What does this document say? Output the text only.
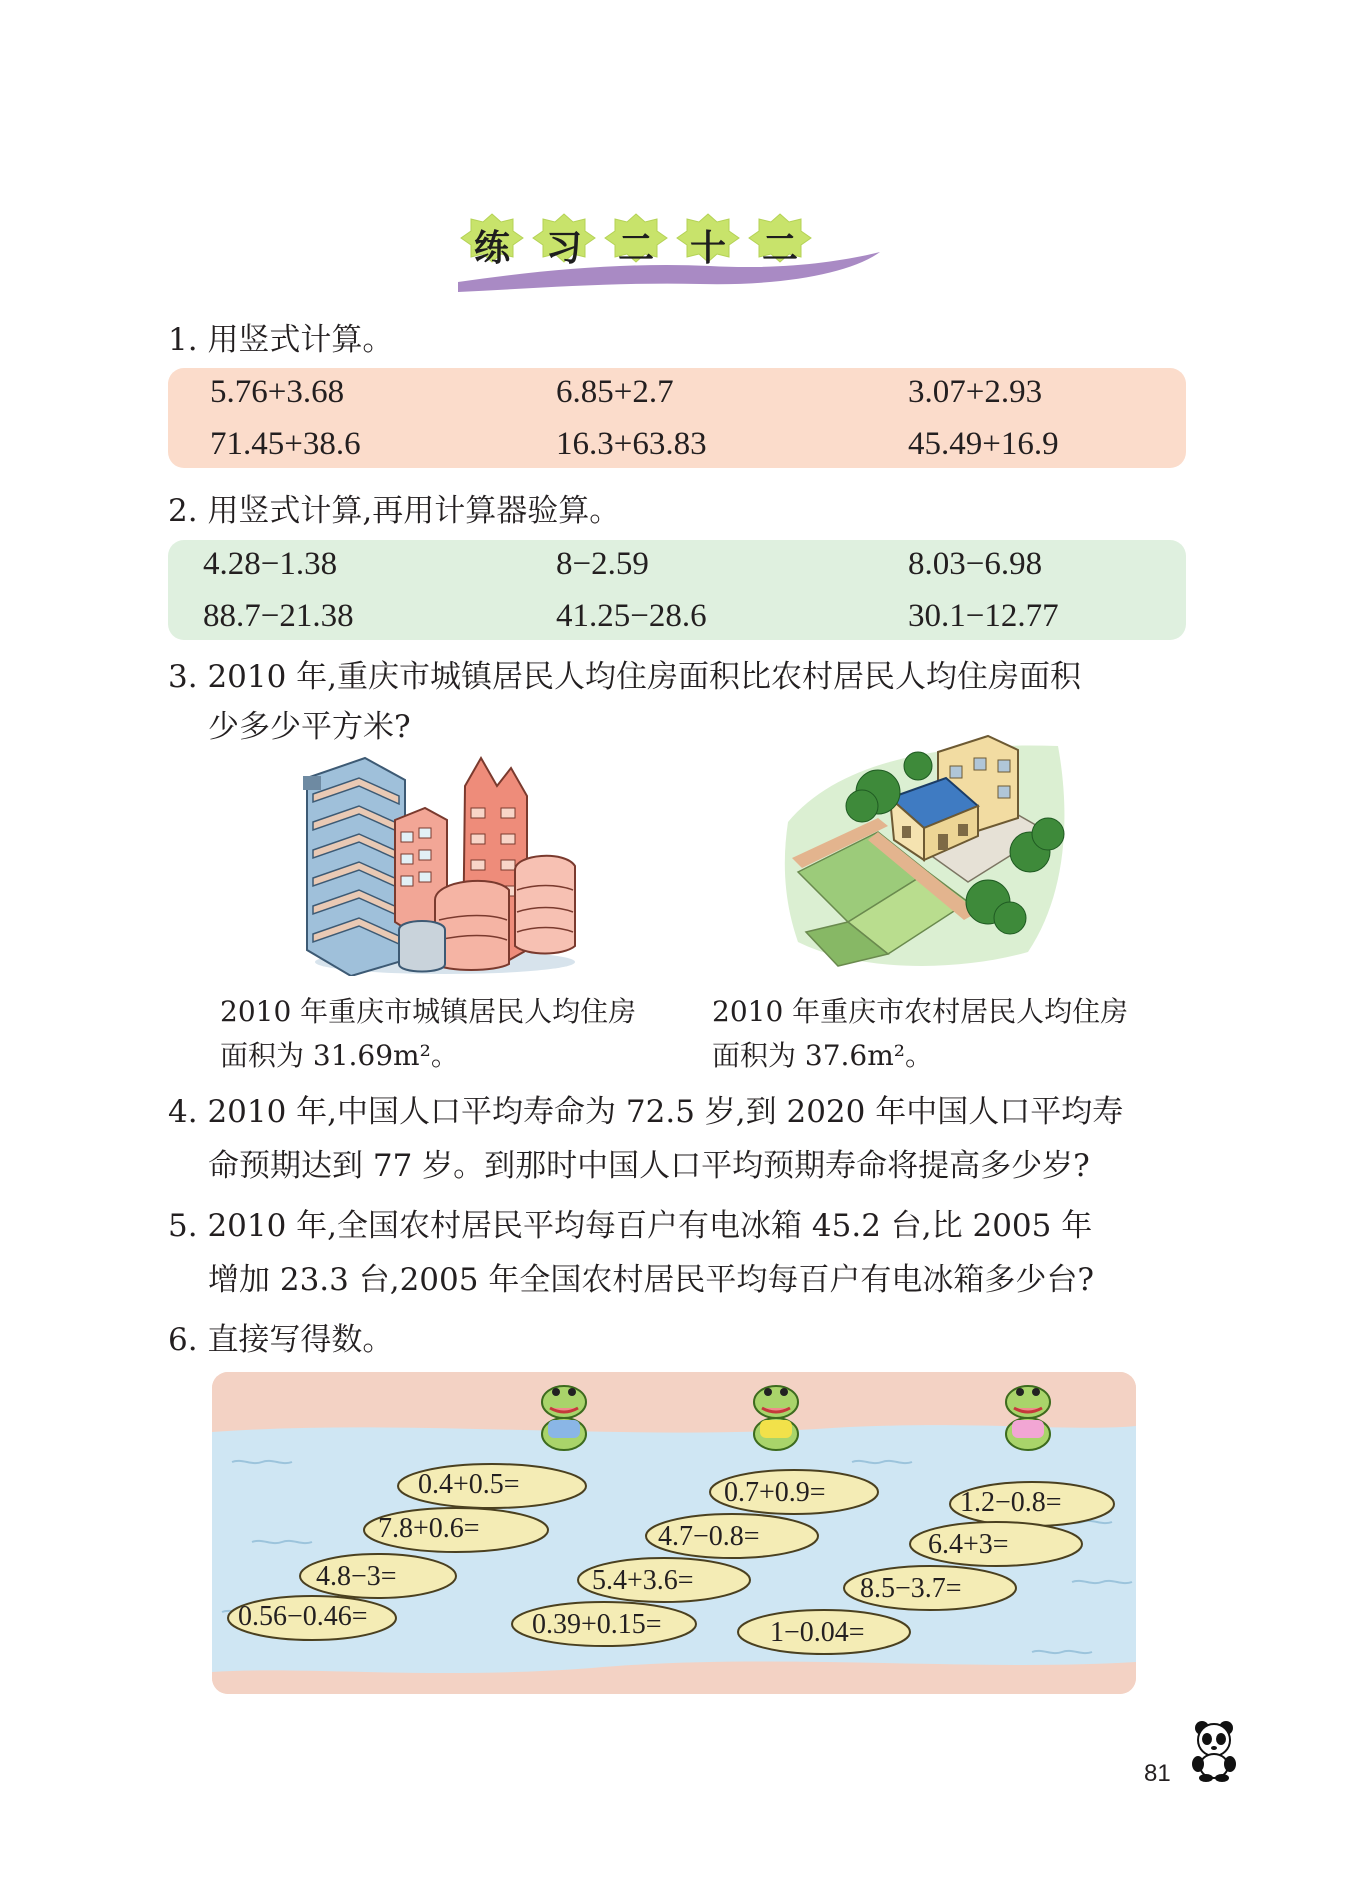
练 习 二 十 二
1. 用竖式计算。
5.76+3.68	6.85+2.7	3.07+2.93
71.45+38.6	16.3+63.83	45.49+16.9
2. 用竖式计算,再用计算器验算。
4.28−1.38	8−2.59	8.03−6.98
88.7−21.38	41.25−28.6	30.1−12.77
3. 2010 年,重庆市城镇居民人均住房面积比农村居民人均住房面积
少多少平方米?
2010 年重庆市城镇居民人均住房
面积为 31.69m²。
2010 年重庆市农村居民人均住房
面积为 37.6m²。
4. 2010 年,中国人口平均寿命为 72.5 岁,到 2020 年中国人口平均寿
命预期达到 77 岁。到那时中国人口平均预期寿命将提高多少岁?
5. 2010 年,全国农村居民平均每百户有电冰箱 45.2 台,比 2005 年
增加 23.3 台,2005 年全国农村居民平均每百户有电冰箱多少台?
6. 直接写得数。
0.4+0.5=	0.7+0.9=	1.2−0.8=
7.8+0.6=	4.7−0.8=	6.4+3=
4.8−3=	5.4+3.6=	8.5−3.7=
0.56−0.46=	0.39+0.15=	1−0.04=
81
